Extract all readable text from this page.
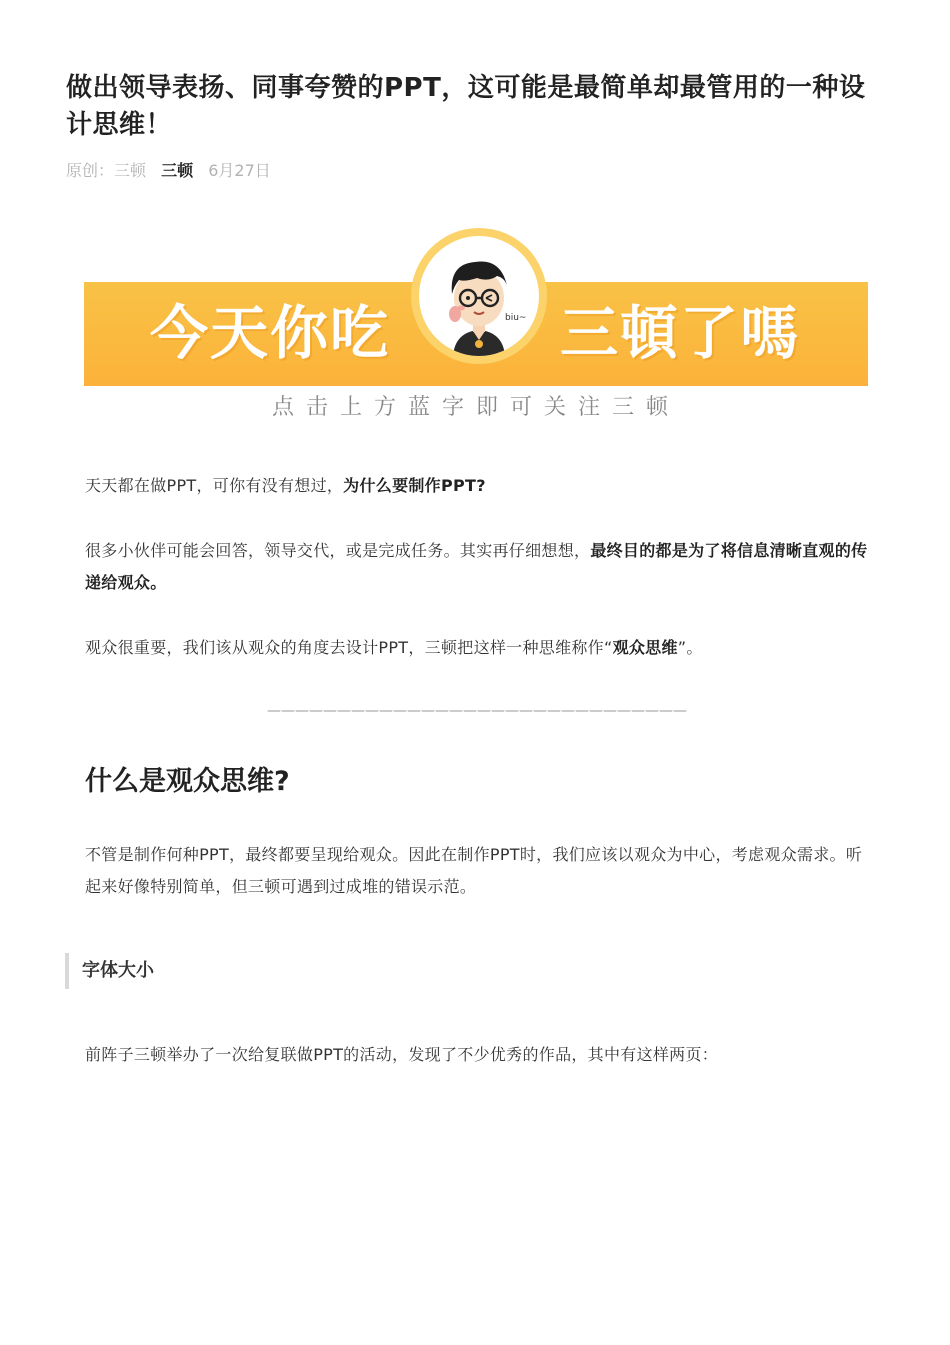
做出领导表扬、同事夸赞的PPT，这可能是最简单却最管用的一种设计思维！
原创：三顿 三顿 6月27日
今天你吃	三頓了嗎
biu~
点击上方蓝字即可关注三顿

天天都在做PPT，可你有没有想过，为什么要制作PPT?

很多小伙伴可能会回答，领导交代，或是完成任务。其实再仔细想想，最终目的都是为了将信息清晰直观的传递给观众。

观众很重要，我们该从观众的角度去设计PPT，三顿把这样一种思维称作“观众思维”。

——————————————————————————————
什么是观众思维?

不管是制作何种PPT，最终都要呈现给观众。因此在制作PPT时，我们应该以观众为中心，考虑观众需求。听起来好像特别简单，但三顿可遇到过成堆的错误示范。

字体大小

前阵子三顿举办了一次给复联做PPT的活动，发现了不少优秀的作品，其中有这样两页：
